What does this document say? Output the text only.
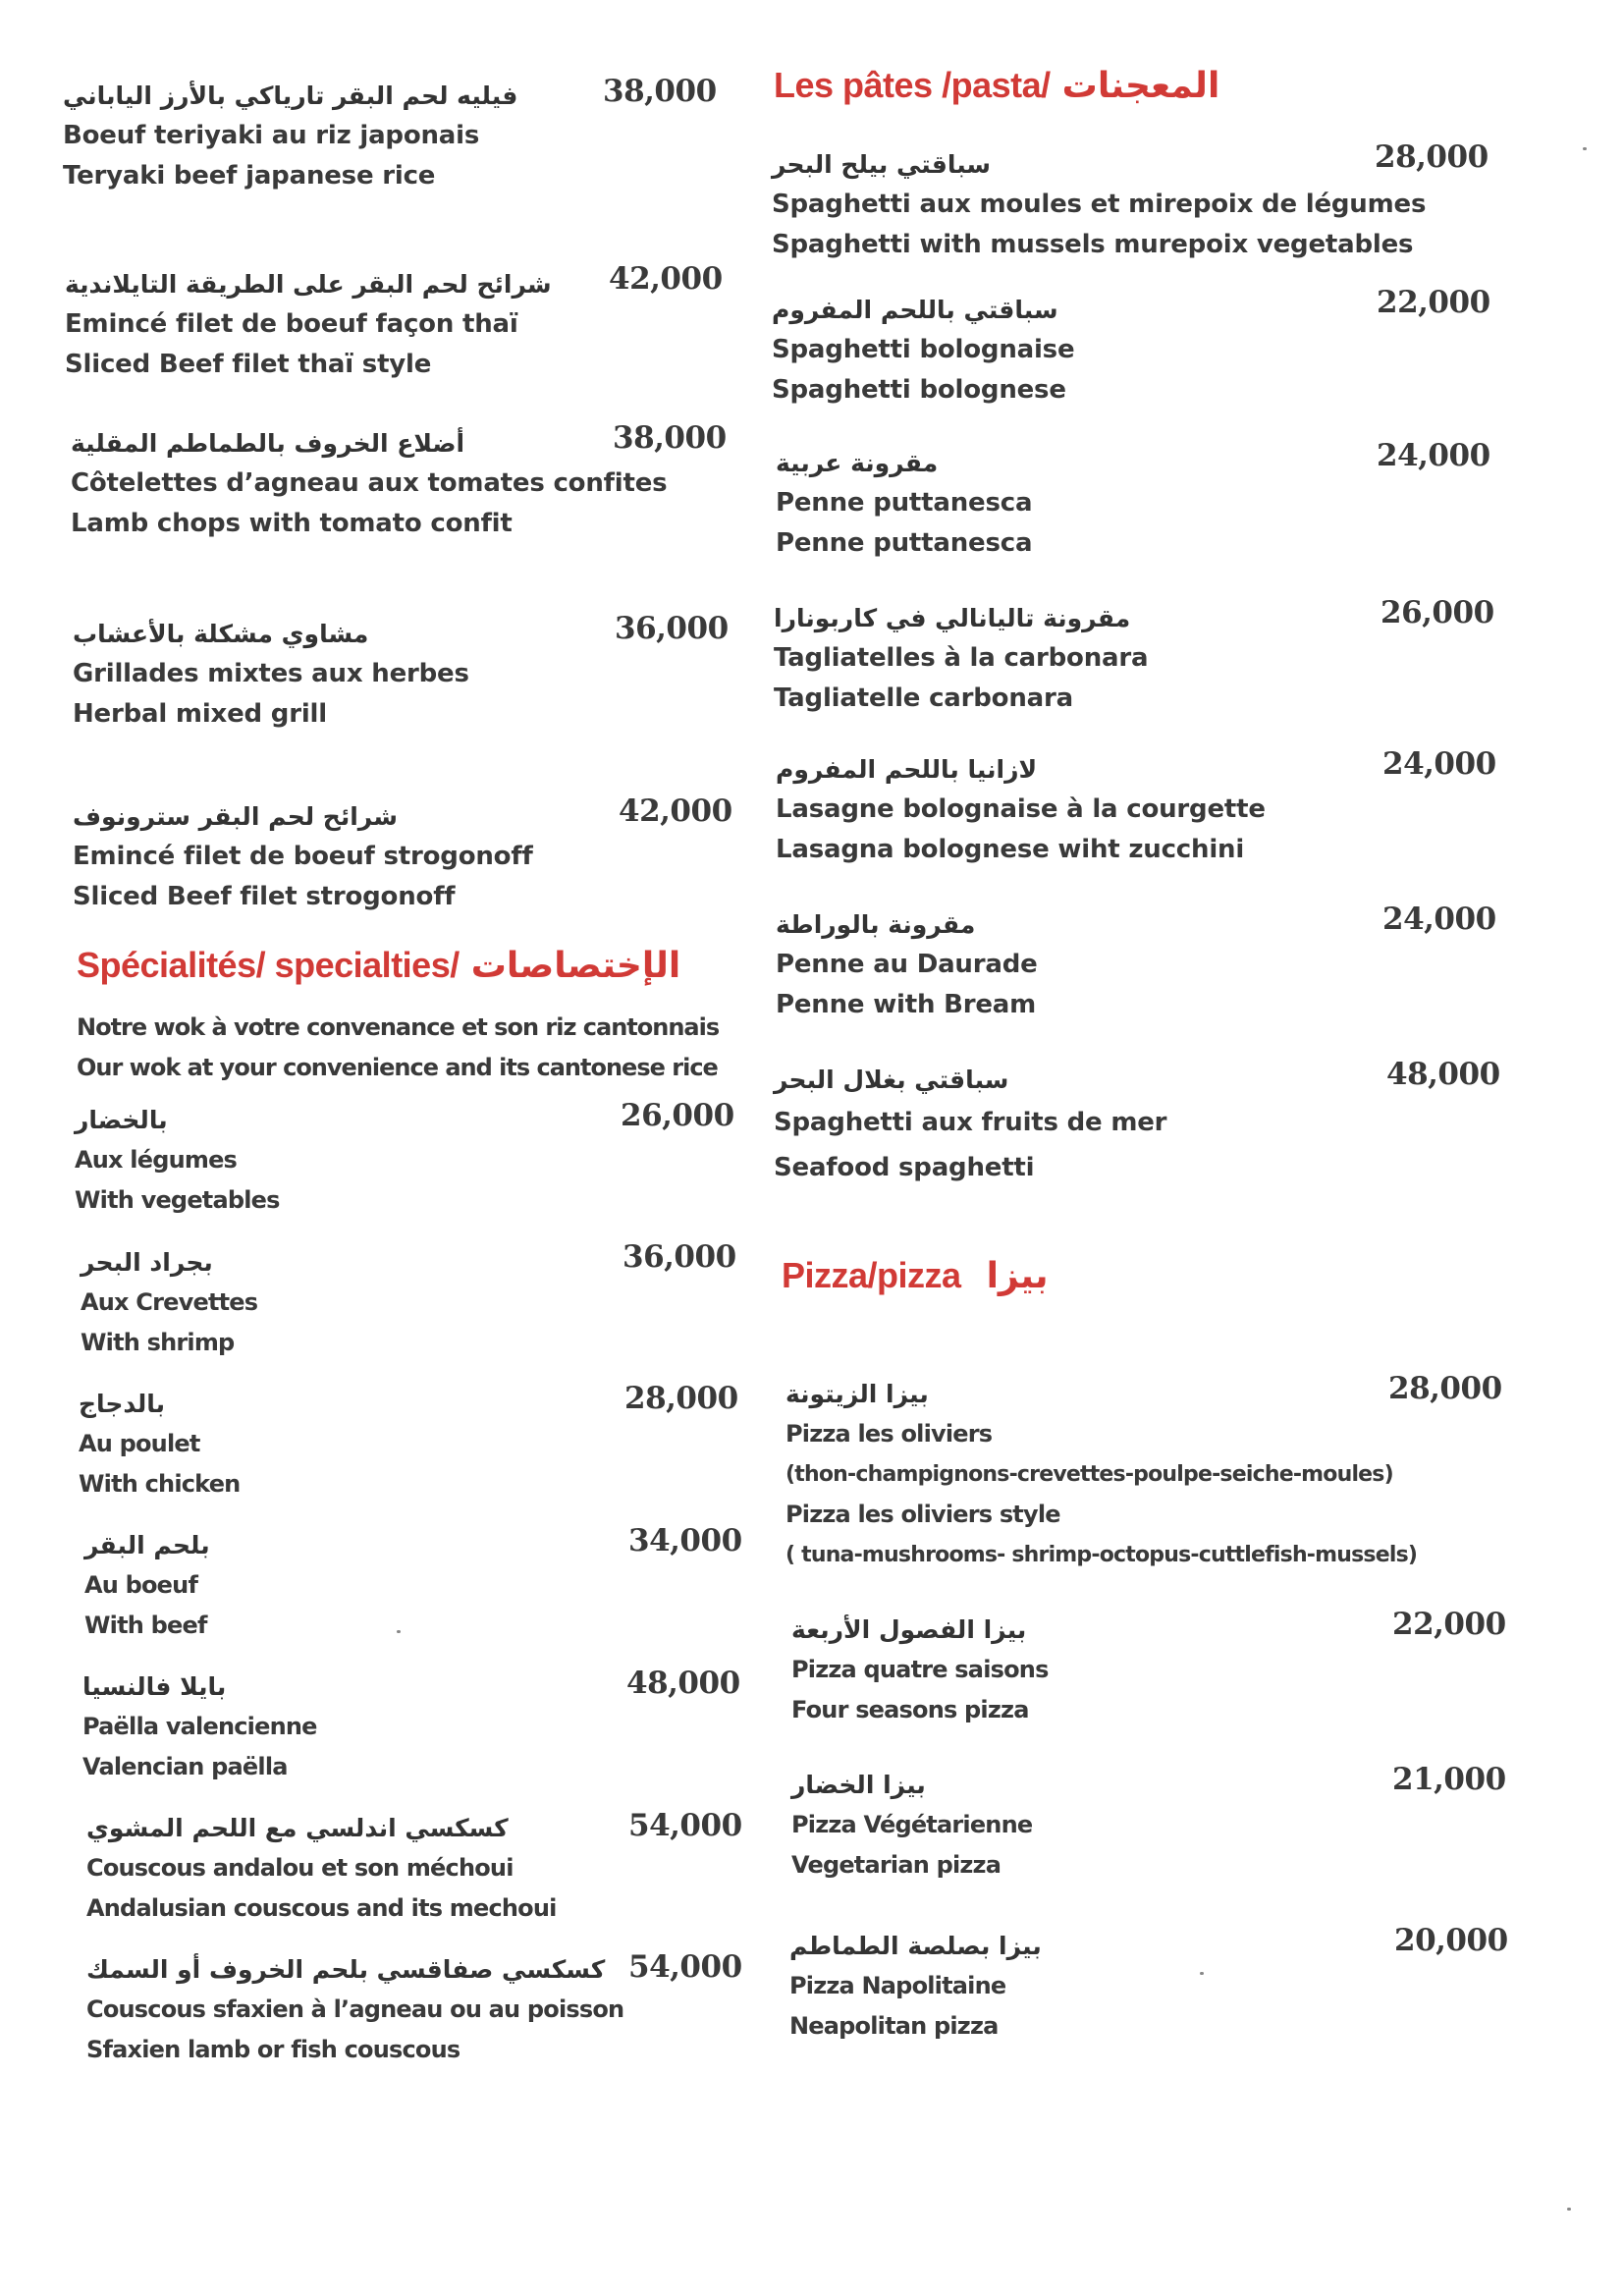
فيليه لحم البقر تارياكي بالأرز الياباني
Boeuf teriyaki au riz japonais
Teryaki beef japanese rice
38,000
شرائح لحم البقر على الطريقة التايلاندية
Emincé filet de boeuf façon thaï
Sliced Beef filet thaï style
42,000
أضلاع الخروف بالطماطم المقلية
Côtelettes d’agneau aux tomates confites
Lamb chops with tomato confit
38,000
مشاوي مشكلة بالأعشاب
Grillades mixtes aux herbes
Herbal mixed grill
36,000
شرائح لحم البقر سترونوف
Emincé filet de boeuf strogonoff
Sliced Beef filet strogonoff
42,000
Spécialités/ specialties/ الإختصاصات
Notre wok à votre convenance et son riz cantonnais
Our wok at your convenience and its cantonese rice
بالخضار
Aux légumes
With vegetables
26,000
بجراد البحر
Aux Crevettes
With shrimp
36,000
بالدجاج
Au poulet
With chicken
28,000
بلحم البقر
Au boeuf
With beef
34,000
بايلا فالنسيا
Paëlla valencienne
Valencian paëlla
48,000
كسكسي اندلسي مع اللحم المشوي
Couscous andalou et son méchoui
Andalusian couscous and its mechoui
54,000
كسكسي صفاقسي بلحم الخروف أو السمك
Couscous sfaxien à l’agneau ou au poisson
Sfaxien lamb or fish couscous
54,000
Les pâtes /pasta/ المعجنات
سباقتي بيلح البحر
Spaghetti aux moules et mirepoix de légumes
Spaghetti with mussels murepoix vegetables
28,000
سباقتي باللحم المفروم
Spaghetti bolognaise
Spaghetti bolognese
22,000
مقرونة عربية
Penne puttanesca
Penne puttanesca
24,000
مقرونة تاليانالي في كاربونارا
Tagliatelles à la carbonara
Tagliatelle carbonara
26,000
لازانيا باللحم المفروم
Lasagne bolognaise à la courgette
Lasagna bolognese wiht zucchini
24,000
مقرونة بالوراطة
Penne au Daurade
Penne with Bream
24,000
سباقتي بغلال البحر
Spaghetti aux fruits de mer
Seafood spaghetti
48,000
Pizza/pizza بيزا
بيزا الزيتونة
Pizza les oliviers
(thon-champignons-crevettes-poulpe-seiche-moules)
Pizza les oliviers style
( tuna-mushrooms- shrimp-octopus-cuttlefish-mussels)
28,000
بيزا الفصول الأربعة
Pizza quatre saisons
Four seasons pizza
22,000
بيزا الخضار
Pizza Végétarienne
Vegetarian pizza
21,000
بيزا بصلصة الطماطم
Pizza Napolitaine
Neapolitan pizza
20,000
